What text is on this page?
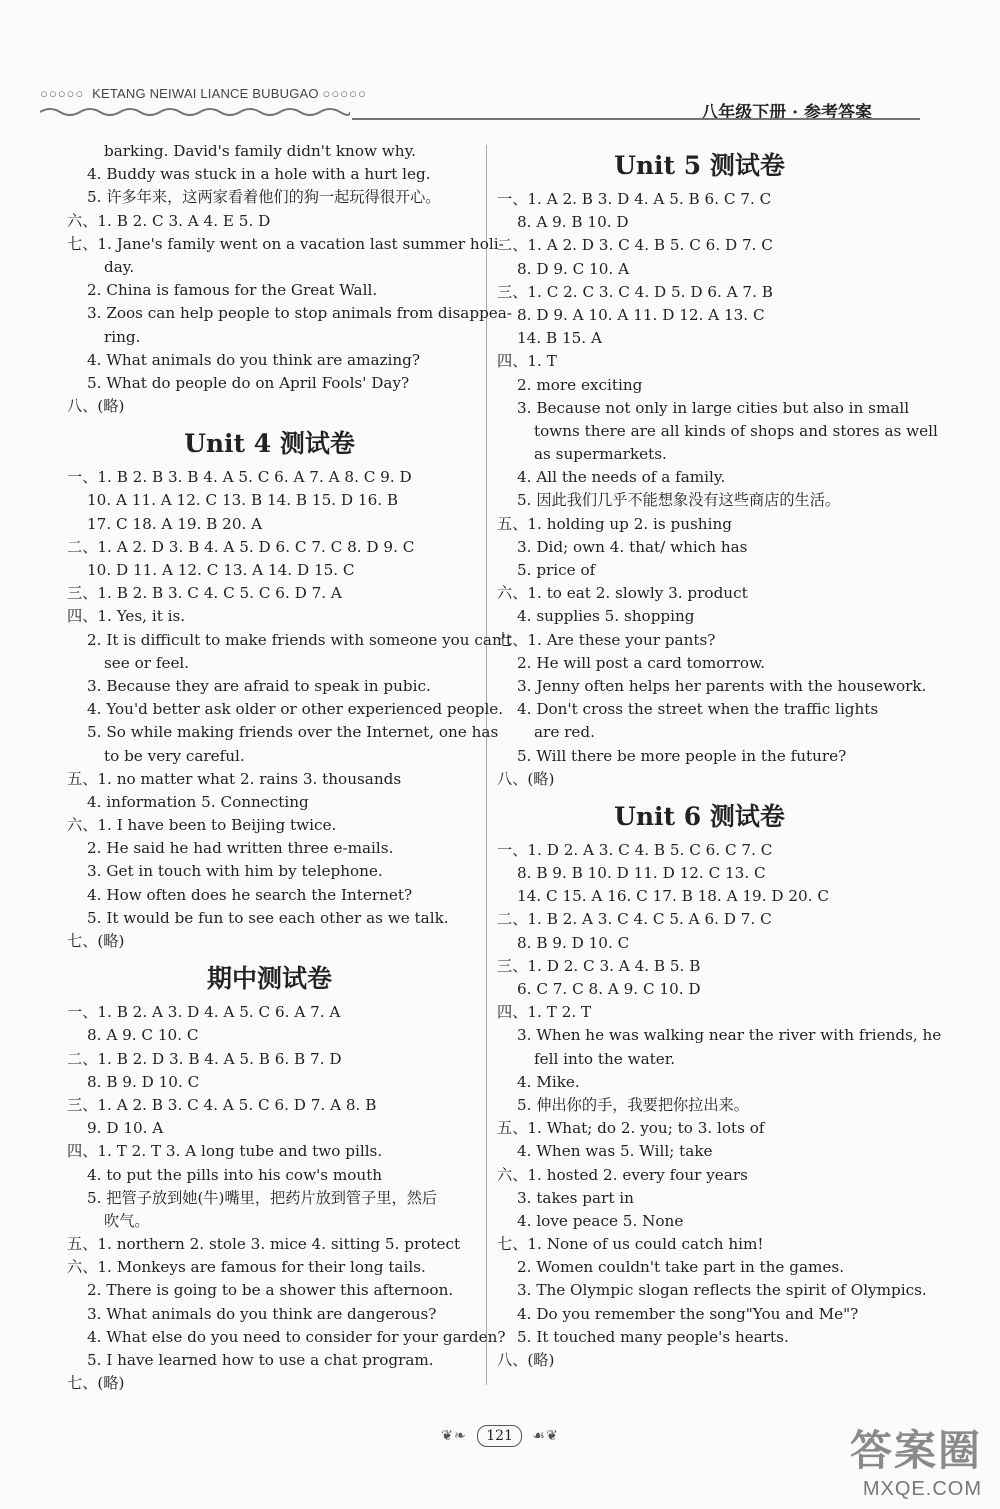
○○○○○ KETANG NEIWAI LIANCE BUBUGAO ○○○○○
八年级下册 · 参考答案
barking. David's family didn't know why.
4. Buddy was stuck in a hole with a hurt leg.
5. 许多年来，这两家看着他们的狗一起玩得很开心。
六、1. B 2. C 3. A 4. E 5. D
七、1. Jane's family went on a vacation last summer holi-
day.
2. China is famous for the Great Wall.
3. Zoos can help people to stop animals from disappea-
ring.
4. What animals do you think are amazing?
5. What do people do on April Fools' Day?
八、(略)
Unit 4 测试卷
一、1. B 2. B 3. B 4. A 5. C 6. A 7. A 8. C 9. D
10. A 11. A 12. C 13. B 14. B 15. D 16. B
17. C 18. A 19. B 20. A
二、1. A 2. D 3. B 4. A 5. D 6. C 7. C 8. D 9. C
10. D 11. A 12. C 13. A 14. D 15. C
三、1. B 2. B 3. C 4. C 5. C 6. D 7. A
四、1. Yes, it is.
2. It is difficult to make friends with someone you can't
see or feel.
3. Because they are afraid to speak in pubic.
4. You'd better ask older or other experienced people.
5. So while making friends over the Internet, one has
to be very careful.
五、1. no matter what 2. rains 3. thousands
4. information 5. Connecting
六、1. I have been to Beijing twice.
2. He said he had written three e-mails.
3. Get in touch with him by telephone.
4. How often does he search the Internet?
5. It would be fun to see each other as we talk.
七、(略)
期中测试卷
一、1. B 2. A 3. D 4. A 5. C 6. A 7. A
8. A 9. C 10. C
二、1. B 2. D 3. B 4. A 5. B 6. B 7. D
8. B 9. D 10. C
三、1. A 2. B 3. C 4. A 5. C 6. D 7. A 8. B
9. D 10. A
四、1. T 2. T 3. A long tube and two pills.
4. to put the pills into his cow's mouth
5. 把管子放到她(牛)嘴里，把药片放到管子里，然后
吹气。
五、1. northern 2. stole 3. mice 4. sitting 5. protect
六、1. Monkeys are famous for their long tails.
2. There is going to be a shower this afternoon.
3. What animals do you think are dangerous?
4. What else do you need to consider for your garden?
5. I have learned how to use a chat program.
七、(略)
Unit 5 测试卷
一、1. A 2. B 3. D 4. A 5. B 6. C 7. C
8. A 9. B 10. D
二、1. A 2. D 3. C 4. B 5. C 6. D 7. C
8. D 9. C 10. A
三、1. C 2. C 3. C 4. D 5. D 6. A 7. B
8. D 9. A 10. A 11. D 12. A 13. C
14. B 15. A
四、1. T
2. more exciting
3. Because not only in large cities but also in small
towns there are all kinds of shops and stores as well
as supermarkets.
4. All the needs of a family.
5. 因此我们几乎不能想象没有这些商店的生活。
五、1. holding up 2. is pushing
3. Did; own 4. that/ which has
5. price of
六、1. to eat 2. slowly 3. product
4. supplies 5. shopping
七、1. Are these your pants?
2. He will post a card tomorrow.
3. Jenny often helps her parents with the housework.
4. Don't cross the street when the traffic lights
are red.
5. Will there be more people in the future?
八、(略)
Unit 6 测试卷
一、1. D 2. A 3. C 4. B 5. C 6. C 7. C
8. B 9. B 10. D 11. D 12. C 13. C
14. C 15. A 16. C 17. B 18. A 19. D 20. C
二、1. B 2. A 3. C 4. C 5. A 6. D 7. C
8. B 9. D 10. C
三、1. D 2. C 3. A 4. B 5. B
6. C 7. C 8. A 9. C 10. D
四、1. T 2. T
3. When he was walking near the river with friends, he
fell into the water.
4. Mike.
5. 伸出你的手，我要把你拉出来。
五、1. What; do 2. you; to 3. lots of
4. When was 5. Will; take
六、1. hosted 2. every four years
3. takes part in
4. love peace 5. None
七、1. None of us could catch him!
2. Women couldn't take part in the games.
3. The Olympic slogan reflects the spirit of Olympics.
4. Do you remember the song"You and Me"?
5. It touched many people's hearts.
八、(略)
❦❧ 121 ☙❦	答案圈
MXQE.COM
